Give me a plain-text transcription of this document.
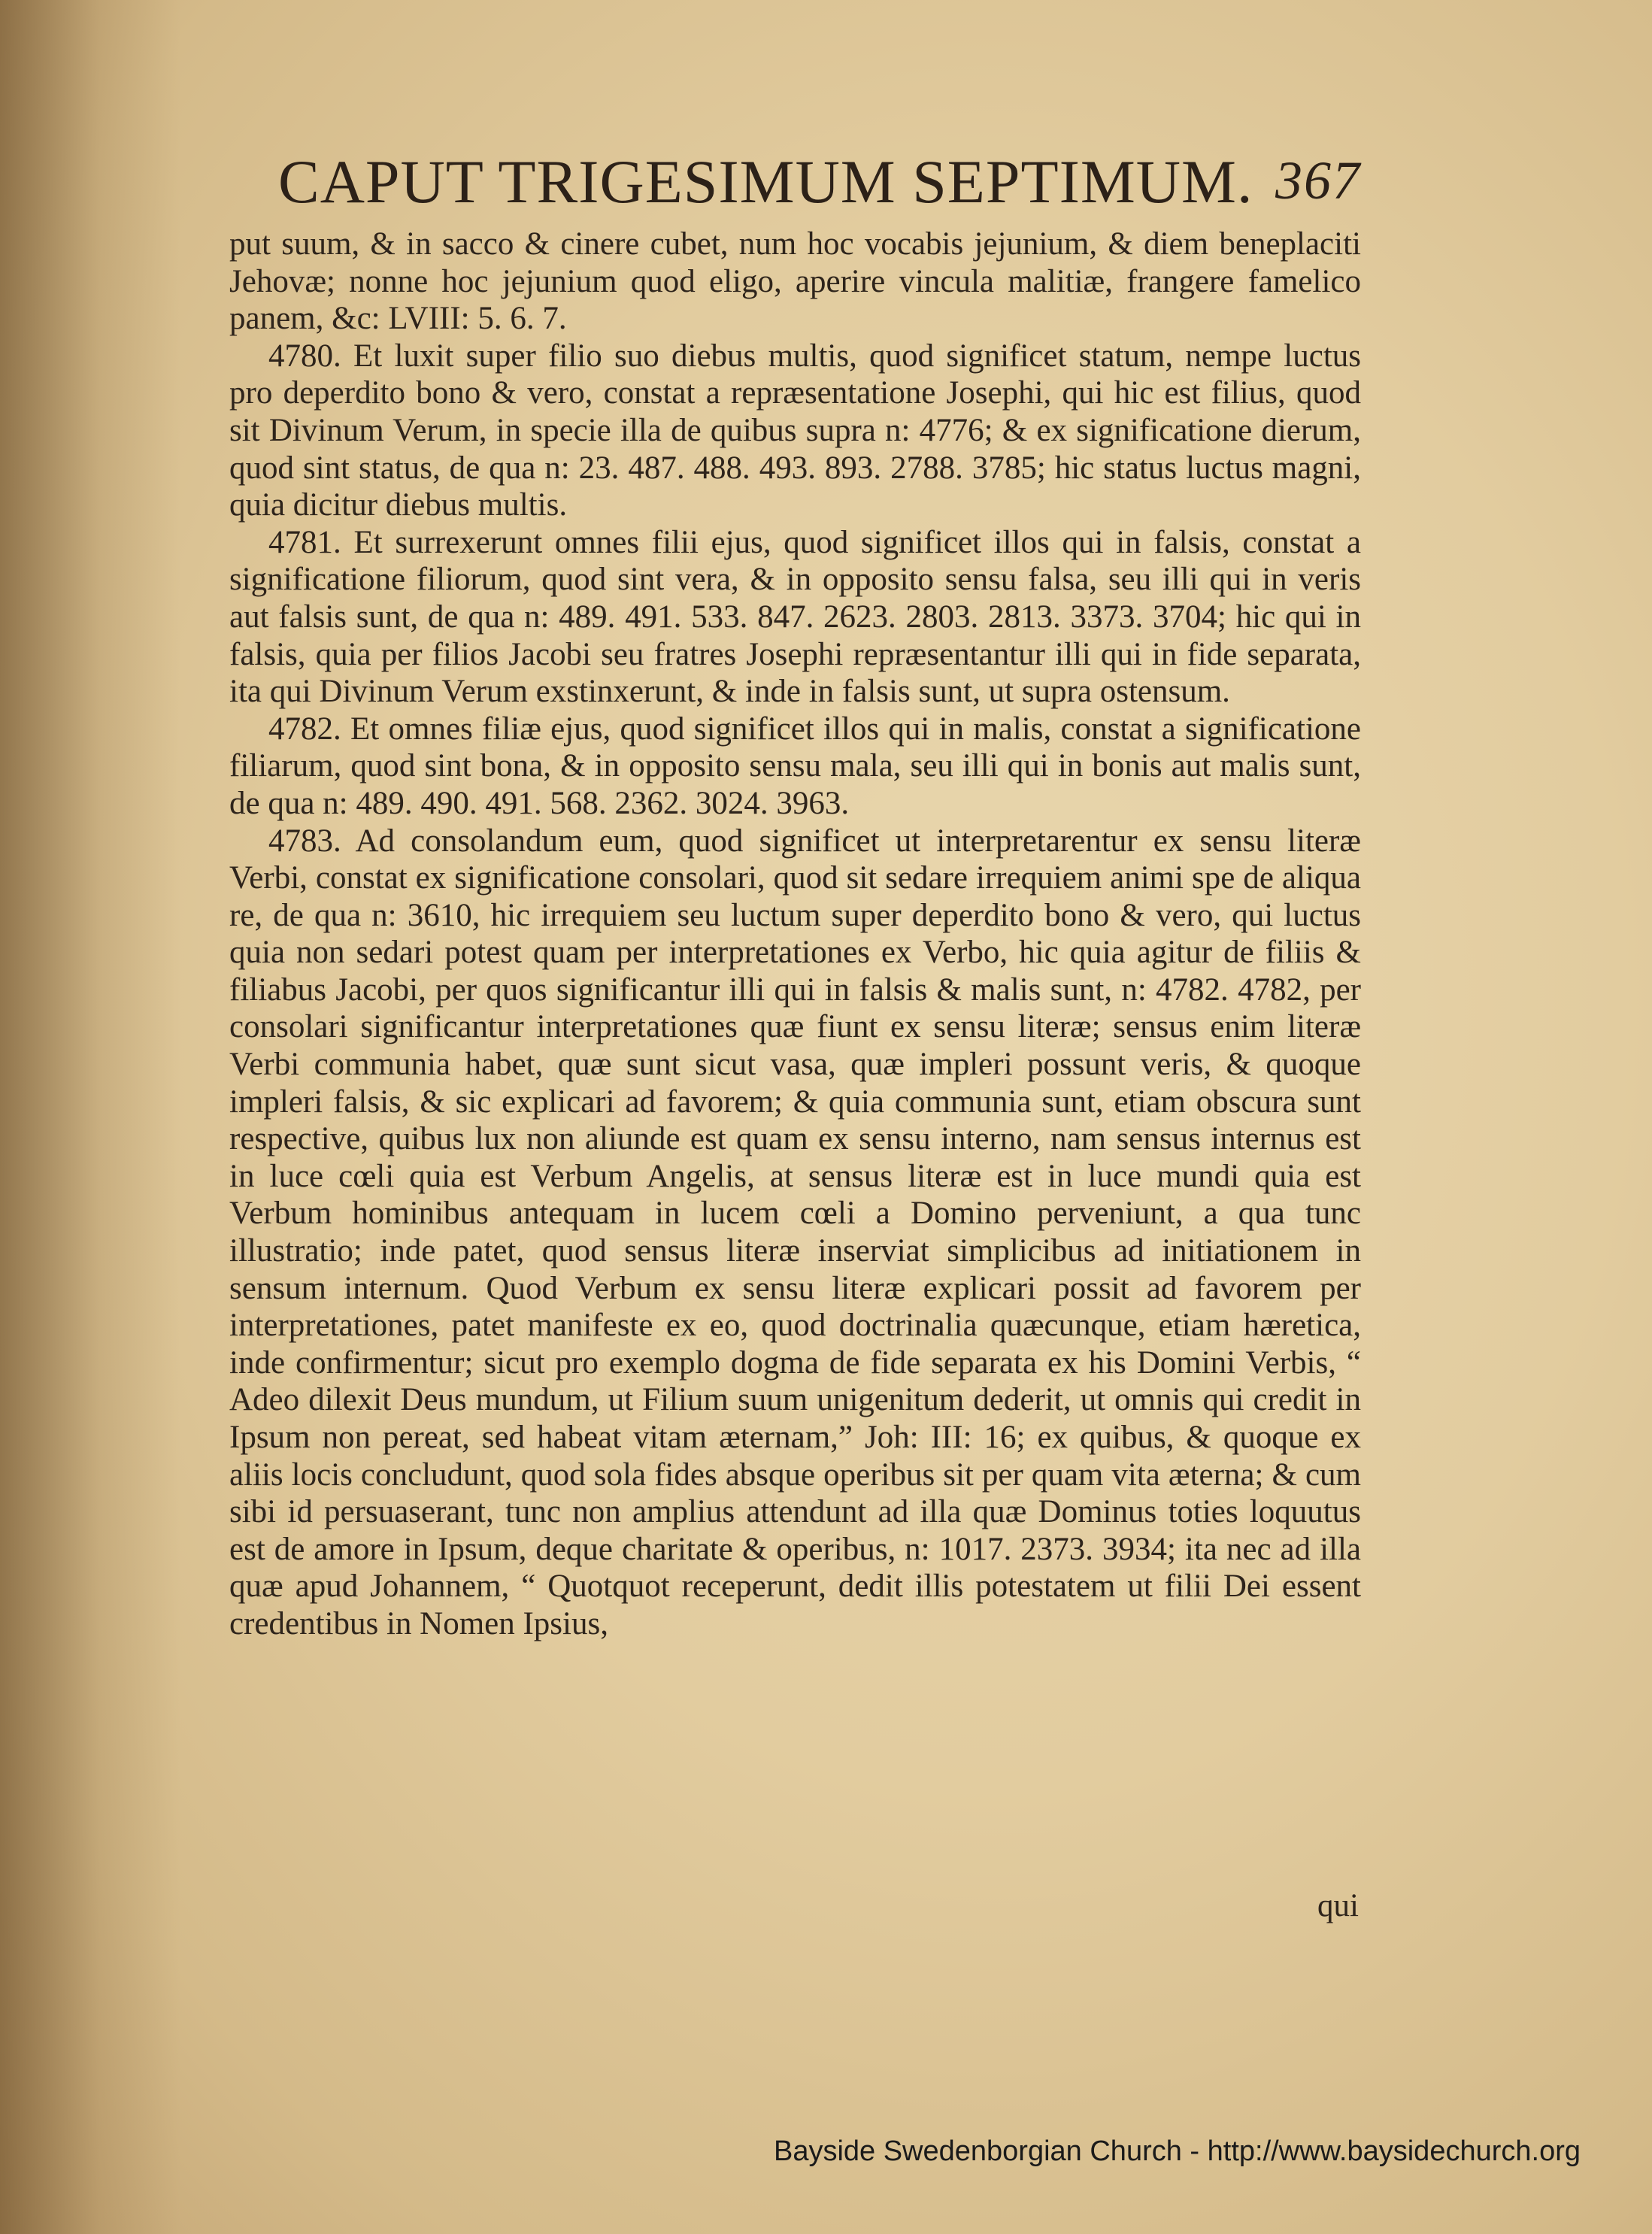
CAPUT TRIGESIMUM SEPTIMUM. 367

put suum, & in sacco & cinere cubet, num hoc vocabis jejunium, & diem beneplaciti Jehovæ; nonne hoc jejunium quod eligo, aperire vincula malitiæ, frangere famelico panem, &c: LVIII: 5. 6. 7.

4780. Et luxit super filio suo diebus multis, quod significet statum, nempe luctus pro deperdito bono & vero, constat a repræsentatione Josephi, qui hic est filius, quod sit Divinum Verum, in specie illa de quibus supra n: 4776; & ex significatione dierum, quod sint status, de qua n: 23. 487. 488. 493. 893. 2788. 3785; hic status luctus magni, quia dicitur diebus multis.

4781. Et surrexerunt omnes filii ejus, quod significet illos qui in falsis, constat a significatione filiorum, quod sint vera, & in opposito sensu falsa, seu illi qui in veris aut falsis sunt, de qua n: 489. 491. 533. 847. 2623. 2803. 2813. 3373. 3704; hic qui in falsis, quia per filios Jacobi seu fratres Josephi repræsentantur illi qui in fide separata, ita qui Divinum Verum exstinxerunt, & inde in falsis sunt, ut supra ostensum.

4782. Et omnes filiæ ejus, quod significet illos qui in malis, constat a significatione filiarum, quod sint bona, & in opposito sensu mala, seu illi qui in bonis aut malis sunt, de qua n: 489. 490. 491. 568. 2362. 3024. 3963.

4783. Ad consolandum eum, quod significet ut interpretarentur ex sensu literæ Verbi, constat ex significatione consolari, quod sit sedare irrequiem animi spe de aliqua re, de qua n: 3610, hic irrequiem seu luctum super deperdito bono & vero, qui luctus quia non sedari potest quam per interpretationes ex Verbo, hic quia agitur de filiis & filiabus Jacobi, per quos significantur illi qui in falsis & malis sunt, n: 4782. 4782, per consolari significantur interpretationes quæ fiunt ex sensu literæ; sensus enim literæ Verbi communia habet, quæ sunt sicut vasa, quæ impleri possunt veris, & quoque impleri falsis, & sic explicari ad favorem; & quia communia sunt, etiam obscura sunt respective, quibus lux non aliunde est quam ex sensu interno, nam sensus internus est in luce cœli quia est Verbum Angelis, at sensus literæ est in luce mundi quia est Verbum hominibus antequam in lucem cœli a Domino perveniunt, a qua tunc illustratio; inde patet, quod sensus literæ inserviat simplicibus ad initiationem in sensum internum. Quod Verbum ex sensu literæ explicari possit ad favorem per interpretationes, patet manifeste ex eo, quod doctrinalia quæcunque, etiam hæretica, inde confirmentur; sicut pro exemplo dogma de fide separata ex his Domini Verbis, “ Adeo dilexit Deus mundum, ut Filium suum unigenitum dederit, ut omnis qui credit in Ipsum non pereat, sed habeat vitam æternam,” Joh: III: 16; ex quibus, & quoque ex aliis locis concludunt, quod sola fides absque operibus sit per quam vita æterna; & cum sibi id persuaserant, tunc non amplius attendunt ad illa quæ Dominus toties loquutus est de amore in Ipsum, deque charitate & operibus, n: 1017. 2373. 3934; ita nec ad illa quæ apud Johannem, “ Quotquot receperunt, dedit illis potestatem ut filii Dei essent credentibus in Nomen Ipsius,

qui
Bayside Swedenborgian Church - http://www.baysidechurch.org
